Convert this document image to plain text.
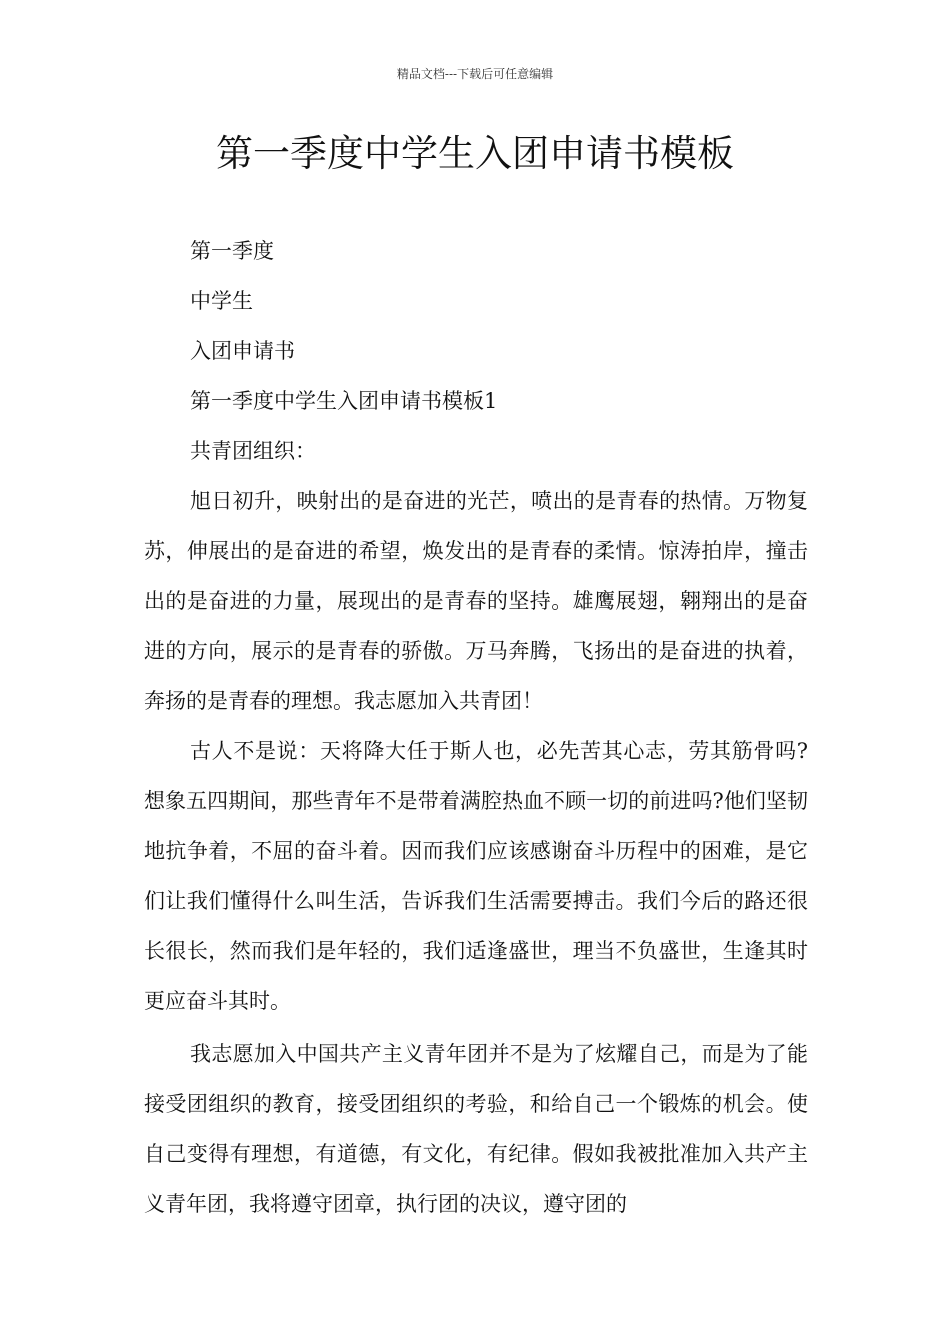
精品文档---下载后可任意编辑
第一季度中学生入团申请书模板

第一季度

中学生

入团申请书

第一季度中学生入团申请书模板1

共青团组织：

旭日初升，映射出的是奋进的光芒，喷出的是青春的热情。万物复苏，伸展出的是奋进的希望，焕发出的是青春的柔情。惊涛拍岸，撞击出的是奋进的力量，展现出的是青春的坚持。雄鹰展翅，翱翔出的是奋进的方向，展示的是青春的骄傲。万马奔腾，飞扬出的是奋进的执着，奔扬的是青春的理想。我志愿加入共青团！

古人不是说：天将降大任于斯人也，必先苦其心志，劳其筋骨吗?想象五四期间，那些青年不是带着满腔热血不顾一切的前进吗?他们坚韧地抗争着，不屈的奋斗着。因而我们应该感谢奋斗历程中的困难，是它们让我们懂得什么叫生活，告诉我们生活需要搏击。我们今后的路还很长很长，然而我们是年轻的，我们适逢盛世，理当不负盛世，生逢其时更应奋斗其时。

我志愿加入中国共产主义青年团并不是为了炫耀自己，而是为了能接受团组织的教育，接受团组织的考验，和给自己一个锻炼的机会。使自己变得有理想，有道德，有文化，有纪律。假如我被批准加入共产主义青年团，我将遵守团章，执行团的决议，遵守团的
